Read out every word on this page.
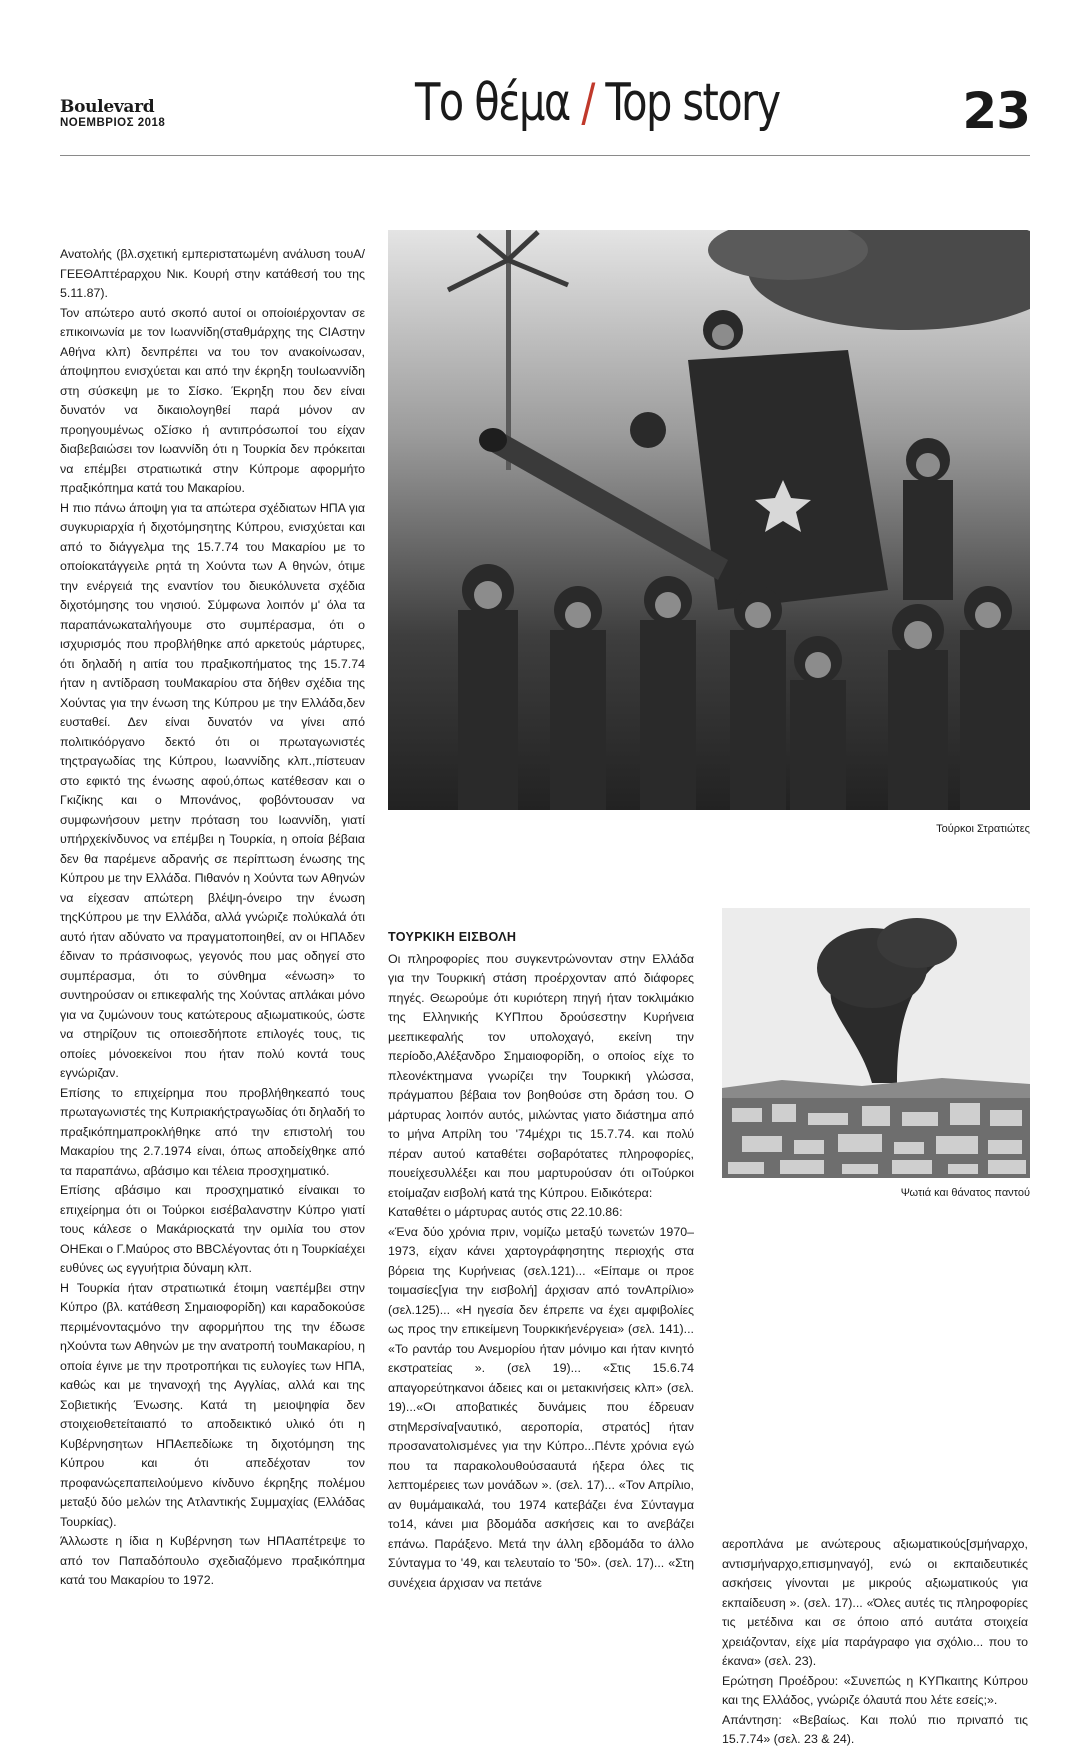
Boulevard
ΝΟΕΜΒΡΙΟΣ 2018	Το θέμα / Top story	23

Ανατολής (βλ.σχετική εμπεριστατωμένη ανάλυση τουΑ/ΓΕΕΘΑπτέραρχου Νικ. Κουρή στην κατάθεσή του της 5.11.87).

Τον απώτερο αυτό σκοπό αυτοί οι οποίοιέρχονταν σε επικοινωνία με τον Ιωαννίδη(σταθμάρχης της CIAστην Αθήνα κλπ) δενπρέπει να του τον ανακοίνωσαν, άποψηπου ενισχύεται και από την έκρηξη τουΙωαννίδη στη σύσκεψη με το Σίσκο. Έκρηξη που δεν είναι δυνατόν να δικαιολογηθεί παρά μόνον αν προηγουμένως οΣίσκο ή αντιπρόσωποί του είχαν διαβεβαιώσει τον Ιωαννίδη ότι η Τουρκία δεν πρόκειται να επέμβει στρατιωτικά στην Κύπρομε αφορμήτο πραξικόπημα κατά του Μακαρίου.

Η πιο πάνω άποψη για τα απώτερα σχέδιατων ΗΠΑ για συγκυριαρχία ή διχοτόμησητης Κύπρου, ενισχύεται και από το διάγγελμα της 15.7.74 του Μακαρίου με το οποίοκατάγγειλε ρητά τη Χούντα των Α θηνών, ότιμε την ενέργειά της εναντίον του διευκόλυνετα σχέδια διχοτόμησης του νησιού. Σύμφωνα λοιπόν μ' όλα τα παραπάνωκαταλήγουμε στο συμπέρασμα, ότι ο ισχυρισμός που προβλήθηκε από αρκετούς μάρτυρες, ότι δηλαδή η αιτία του πραξικοπήματος της 15.7.74 ήταν η αντίδραση τουΜακαρίου στα δήθεν σχέδια της Χούντας για την ένωση της Κύπρου με την Ελλάδα,δεν ευσταθεί. Δεν είναι δυνατόν να γίνει από πολιτικόόργανο δεκτό ότι οι πρωταγωνιστές τηςτραγωδίας της Κύπρου, Ιωαννίδης κλπ.,πίστευαν στο εφικτό της ένωσης αφού,όπως κατέθεσαν και ο Γκιζίκης και ο Μπονάνος, φοβόντουσαν να συμφωνήσουν μετην πρόταση του Ιωαννίδη, γιατί υπήρχεκίνδυνος να επέμβει η Τουρκία, η οποία βέβαια δεν θα παρέμενε αδρανής σε περίπτωση ένωσης της Κύπρου με την Ελλάδα. Πιθανόν η Χούντα των Αθηνών να είχεσαν απώτερη βλέψη-όνειρο την ένωση τηςΚύπρου με την Ελλάδα, αλλά γνώριζε πολύκαλά ότι αυτό ήταν αδύνατο να πραγματοποιηθεί, αν οι ΗΠΑδεν έδιναν το πράσινοφως, γεγονός που μας οδηγεί στο συμπέρασμα, ότι το σύνθημα «ένωση» το συντηρούσαν οι επικεφαλής της Χούντας απλάκαι μόνο για να ζυμώνουν τους κατώτερους αξιωματικούς, ώστε να στηρίζουν τις οποιεσδήποτε επιλογές τους, τις οποίες μόνοεκείνοι που ήταν πολύ κοντά τους εγνώριζαν.

Επίσης το επιχείρημα που προβλήθηκεαπό τους πρωταγωνιστές της Κυπριακήςτραγωδίας ότι δηλαδή το πραξικόπημαπροκλήθηκε από την επιστολή του Μακαρίου της 2.7.1974 είναι, όπως αποδείχθηκε από τα παραπάνω, αβάσιμο και τέλεια προσχηματικό.

Επίσης αβάσιμο και προσχηματικό είναικαι το επιχείρημα ότι οι Τούρκοι εισέβαλανστην Κύπρο γιατί τους κάλεσε ο Μακάριοςκατά την ομιλία του στον ΟΗΕκαι ο Γ.Μαύρος στο BBCλέγοντας ότι η Τουρκίαέχει ευθύνες ως εγγυήτρια δύναμη κλπ.

Η Τουρκία ήταν στρατιωτικά έτοιμη ναεπέμβει στην Κύπρο (βλ. κατάθεση Σημαιοφορίδη) και καραδοκούσε περιμένονταςμόνο την αφορμήπου της την έδωσε ηΧούντα των Αθηνών με την ανατροπή τουΜακαρίου, η οποία έγινε με την προτροπήκαι τις ευλογίες των ΗΠΑ, καθώς και με τηνανοχή της Αγγλίας, αλλά και της Σοβιετικής Ένωσης. Κατά τη μειοψηφία δεν στοιχειοθετείταιαπό το αποδεικτικό υλικό ότι η Κυβέρνησητων ΗΠΑεπεδίωκε τη διχοτόμηση της Κύπρου και ότι απεδέχοταν τον προφανώςεπαπειλούμενο κίνδυνο έκρηξης πολέμου μεταξύ δύο μελών της Ατλαντικής Συμμαχίας (Ελλάδας Τουρκίας).

Άλλωστε η ίδια η Κυβέρνηση των ΗΠΑαπέτρεψε το από τον Παπαδόπουλο σχεδιαζόμενο πραξικόπημα κατά του Μακαρίου το 1972.

Τούρκοι Στρατιώτες

ΤΟΥΡΚΙΚΗ ΕΙΣΒΟΛΗ

Οι πληροφορίες που συγκεντρώνονταν στην Ελλάδα για την Τουρκική στάση προέρχονταν από διάφορες πηγές. Θεωρούμε ότι κυριότερη πηγή ήταν τοκλιμάκιο της Ελληνικής ΚΥΠπου δρούσεστην Κυρήνεια μεεπικεφαλής τον υπολοχαγό, εκείνη την περίοδο,Αλέξανδρο Σημαιοφορίδη, ο οποίος είχε το πλεονέκτημανα γνωρίζει την Τουρκική γλώσσα, πράγμαπου βέβαια τον βοηθούσε στη δράση του. Ο μάρτυρας λοιπόν αυτός, μιλώντας γιατο διάστημα από το μήνα Απρίλη του '74μέχρι τις 15.7.74. και πολύ πέραν αυτού καταθέτει σοβαρότατες πληροφορίες, πουείχεσυλλέξει και που μαρτυρούσαν ότι οιΤούρκοι ετοίμαζαν εισβολή κατά της Κύπρου. Ειδικότερα:

Καταθέτει ο μάρτυρας αυτός στις 22.10.86:

«Ένα δύο χρόνια πριν, νομίζω μεταξύ τωνετών 1970–1973, είχαν κάνει χαρτογράφησητης περιοχής στα βόρεια της Κυρήνειας (σελ.121)... «Είπαμε οι προε τοιμασίες[για την εισβολή] άρχισαν από τονΑπρίλιο» (σελ.125)... «Η ηγεσία δεν έπρεπε να έχει αμφιβολίες ως προς την επικείμενη Τουρκικήενέργεια» (σελ. 141)... «Το ραντάρ του Ανεμορίου ήταν μόνιμο και ήταν κινητό εκστρατείας ». (σελ 19)... «Στις 15.6.74 απαγορεύτηκανοι άδειες και οι μετακινήσεις κλπ» (σελ. 19)...«Οι αποβατικές δυνάμεις που έδρευαν στηΜερσίνα[ναυτικό, αεροπορία, στρατός] ήταν προσανατολισμένες για την Κύπρο...Πέντε χρόνια εγώ που τα παρακολουθούσααυτά ήξερα όλες τις λεπτομέρειες των μονάδων ». (σελ. 17)... «Τον Απρίλιο, αν θυμάμαικαλά, του 1974 κατεβάζει ένα Σύνταγμα το14, κάνει μια βδομάδα ασκήσεις και το ανεβάζει επάνω. Παράξενο. Μετά την άλλη εβδομάδα το άλλο Σύνταγμα το '49, και τελευταίο το '50». (σελ. 17)... «Στη συνέχεια άρχισαν να πετάνε

Ψωτιά και θάνατος παντού

αεροπλάνα με ανώτερους αξιωματικούς[σμήναρχο, αντισμήναρχο,επισμηναγό], ενώ οι εκπαιδευτικές ασκήσεις γίνονται με μικρούς αξιωματικούς για εκπαίδευση ». (σελ. 17)... «Όλες αυτές τις πληροφορίες τις μετέδινα και σε όποιο από αυτάτα στοιχεία χρειάζονταν, είχε μία παράγραφο για σχόλιο... που το έκανα» (σελ. 23).

Ερώτηση Προέδρου: «Συνεπώς η ΚΥΠκαιτης Κύπρου και της Ελλάδος, γνώριζε όλαυτά που λέτε εσείς;».

Απάντηση: «Βεβαίως. Και πολύ πιο πριναπό τις 15.7.74» (σελ. 23 & 24).
